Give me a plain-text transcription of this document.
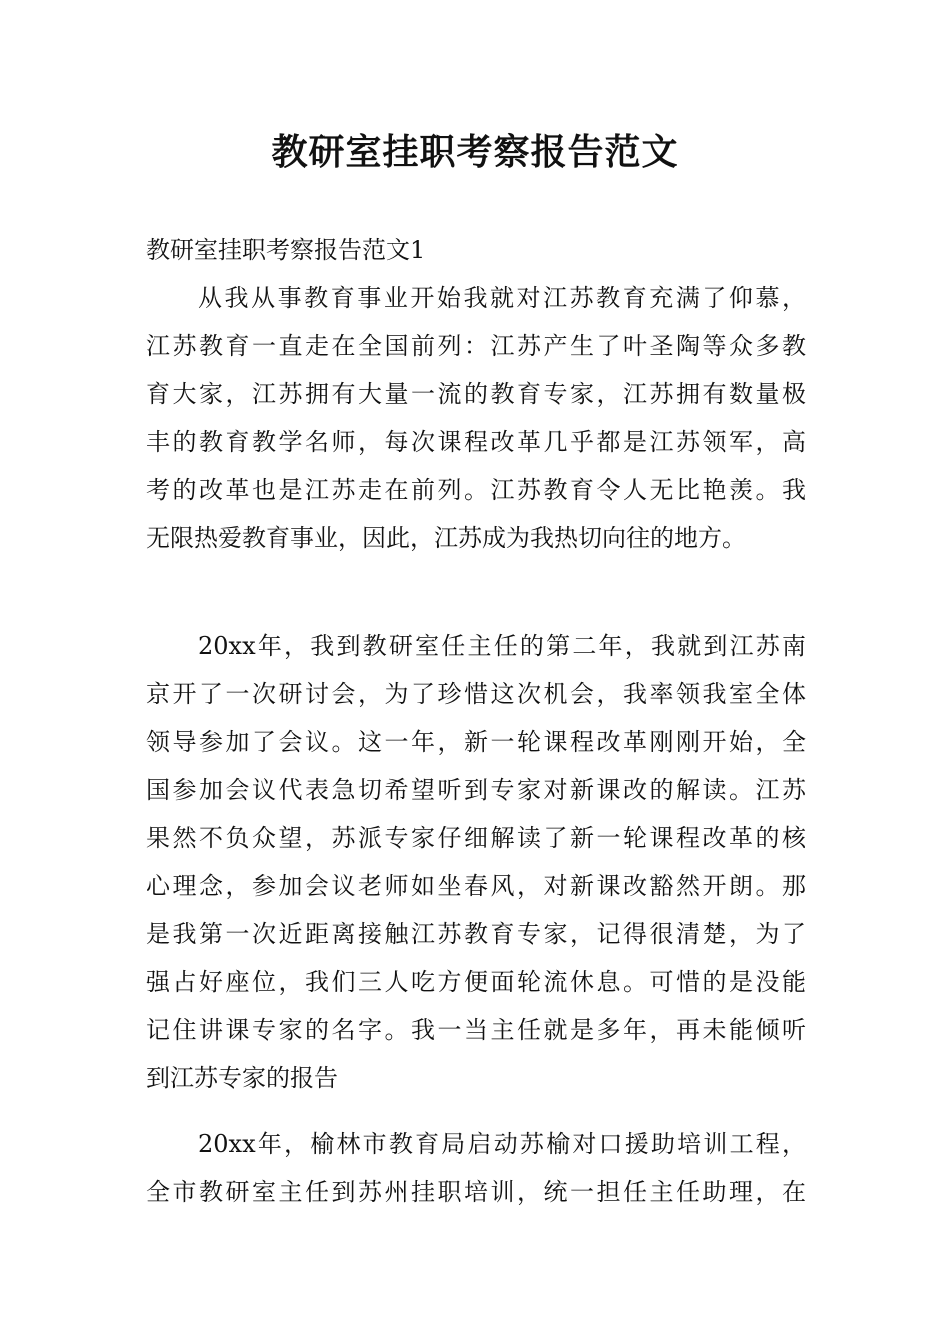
教研室挂职考察报告范文
教研室挂职考察报告范文1
从我从事教育事业开始我就对江苏教育充满了仰慕，
江苏教育一直走在全国前列：江苏产生了叶圣陶等众多教
育大家，江苏拥有大量一流的教育专家，江苏拥有数量极
丰的教育教学名师，每次课程改革几乎都是江苏领军，高
考的改革也是江苏走在前列。江苏教育令人无比艳羡。我
无限热爱教育事业，因此，江苏成为我热切向往的地方。
20xx年，我到教研室任主任的第二年，我就到江苏南
京开了一次研讨会，为了珍惜这次机会，我率领我室全体
领导参加了会议。这一年，新一轮课程改革刚刚开始，全
国参加会议代表急切希望听到专家对新课改的解读。江苏
果然不负众望，苏派专家仔细解读了新一轮课程改革的核
心理念，参加会议老师如坐春风，对新课改豁然开朗。那
是我第一次近距离接触江苏教育专家，记得很清楚，为了
强占好座位，我们三人吃方便面轮流休息。可惜的是没能
记住讲课专家的名字。我一当主任就是多年，再未能倾听
到江苏专家的报告
20xx年，榆林市教育局启动苏榆对口援助培训工程，
全市教研室主任到苏州挂职培训，统一担任主任助理，在
